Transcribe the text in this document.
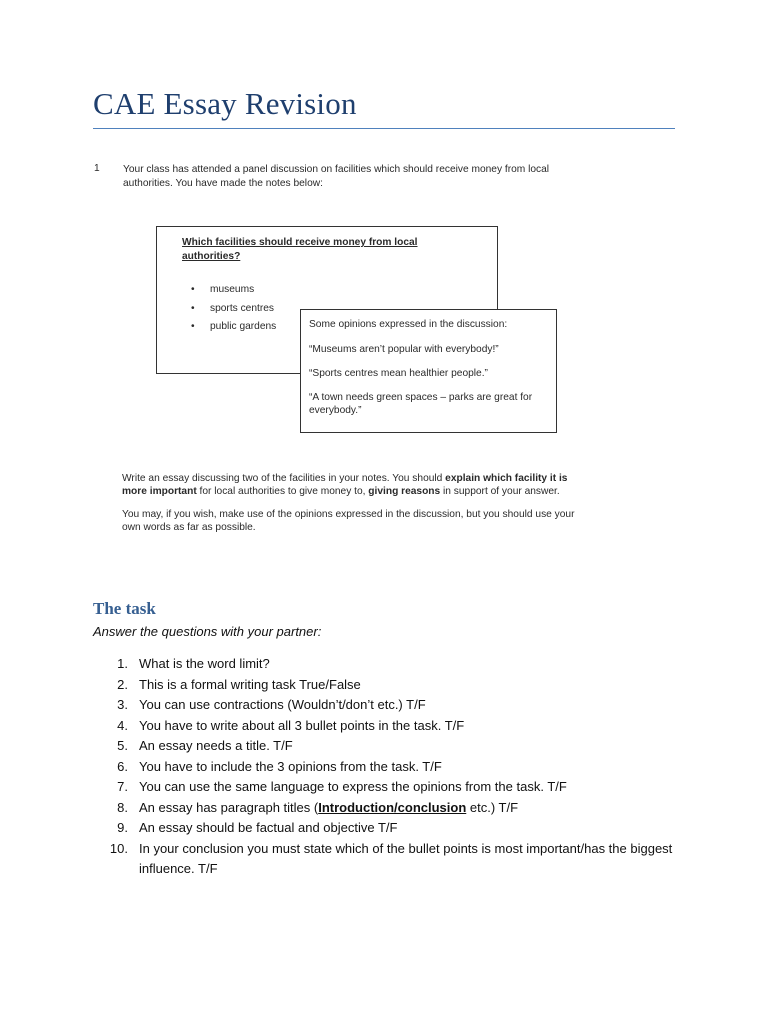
CAE Essay Revision
1 Your class has attended a panel discussion on facilities which should receive money from local authorities. You have made the notes below:
Which facilities should receive money from local authorities?
• museums
• sports centres
• public gardens	Some opinions expressed in the discussion:

“Museums aren’t popular with everybody!”

“Sports centres mean healthier people.”

“A town needs green spaces – parks are great for everybody.”

Write an essay discussing two of the facilities in your notes. You should explain which facility it is more important for local authorities to give money to, giving reasons in support of your answer.

You may, if you wish, make use of the opinions expressed in the discussion, but you should use your own words as far as possible.

The task
Answer the questions with your partner:
1. What is the word limit?
2. This is a formal writing task True/False
3. You can use contractions (Wouldn’t/don’t etc.) T/F
4. You have to write about all 3 bullet points in the task. T/F
5. An essay needs a title. T/F
6. You have to include the 3 opinions from the task. T/F
7. You can use the same language to express the opinions from the task. T/F
8. An essay has paragraph titles (Introduction/conclusion etc.) T/F
9. An essay should be factual and objective T/F
10. In your conclusion you must state which of the bullet points is most important/has the biggest influence. T/F
